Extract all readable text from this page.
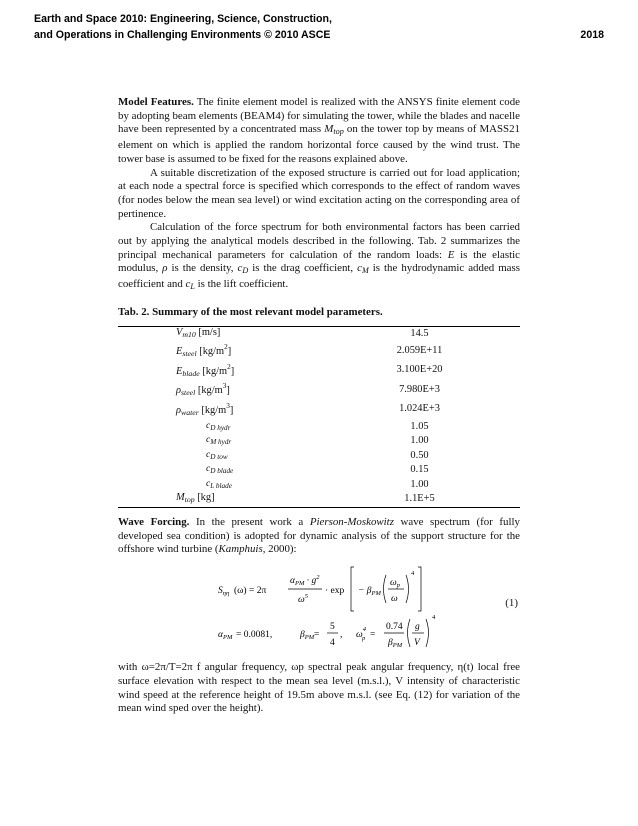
Earth and Space 2010: Engineering, Science, Construction,
and Operations in Challenging Environments © 2010 ASCE	2018

Model Features. The finite element model is realized with the ANSYS finite element code by adopting beam elements (BEAM4) for simulating the tower, while the blades and nacelle have been represented by a concentrated mass $M_{top}$ on the tower top by means of MASS21 element on which is applied the random horizontal force caused by the wind trust. The tower base is assumed to be fixed for the reasons explained above.

A suitable discretization of the exposed structure is carried out for load application; at each node a spectral force is specified which corresponds to the effect of random waves (for nodes below the mean sea level) or wind excitation acting on the corresponding area of pertinence.

Calculation of the force spectrum for both environmental factors has been carried out by applying the analytical models described in the following. Tab. 2 summarizes the principal mechanical parameters for calculation of the random loads: E is the elastic modulus, ρ is the density, $c_D$ is the drag coefficient, $c_M$ is the hydrodynamic added mass coefficient and $c_L$ is the lift coefficient.

Tab. 2. Summary of the most relevant model parameters.

$V_{m10}$ [m/s]	14.5
$E_{steel}$ $[kg/m^2]$	2.059E+11
$E_{blade}$ $[kg/m^2]$	3.100E+20
$\rho_{steel}$ $[kg/m^3]$	7.980E+3
$\rho_{water}$ $[kg/m^3]$	1.024E+3
$c_{D hydr}$	1.05
$c_{M hydr}$	1.00
$c_{D tow}$	0.50
$c_{D blade}$	0.15
$c_{L blade}$	1.00
$M_{top}$ [kg]	1.1E+5

Wave Forcing. In the present work a Pierson-Moskowitz wave spectrum (for fully developed sea condition) is adopted for dynamic analysis of the support structure for the offshore wind turbine (Kamphuis, 2000):

$S_{\eta\eta}$ (ω) = 2π
$\alpha_{PM} \cdot g^2$
$\omega^5$
· $\exp - \beta_{PM}$
$\omega_p$
ω
4
$\alpha_{PM} = 0.0081$,	$\beta_{PM}$ =
5
4
, $\omega^4$ p =
0.74
$\beta_{PM}$
g
V
4
(1)

with ω=2π/T=2π f angular frequency, ωp spectral peak angular frequency, η(t) local free surface elevation with respect to the mean sea level (m.s.l.), V intensity of characteristic wind speed at the reference height of 19.5m above m.s.l. (see Eq. (12) for variation of the mean wind sped over the height).
